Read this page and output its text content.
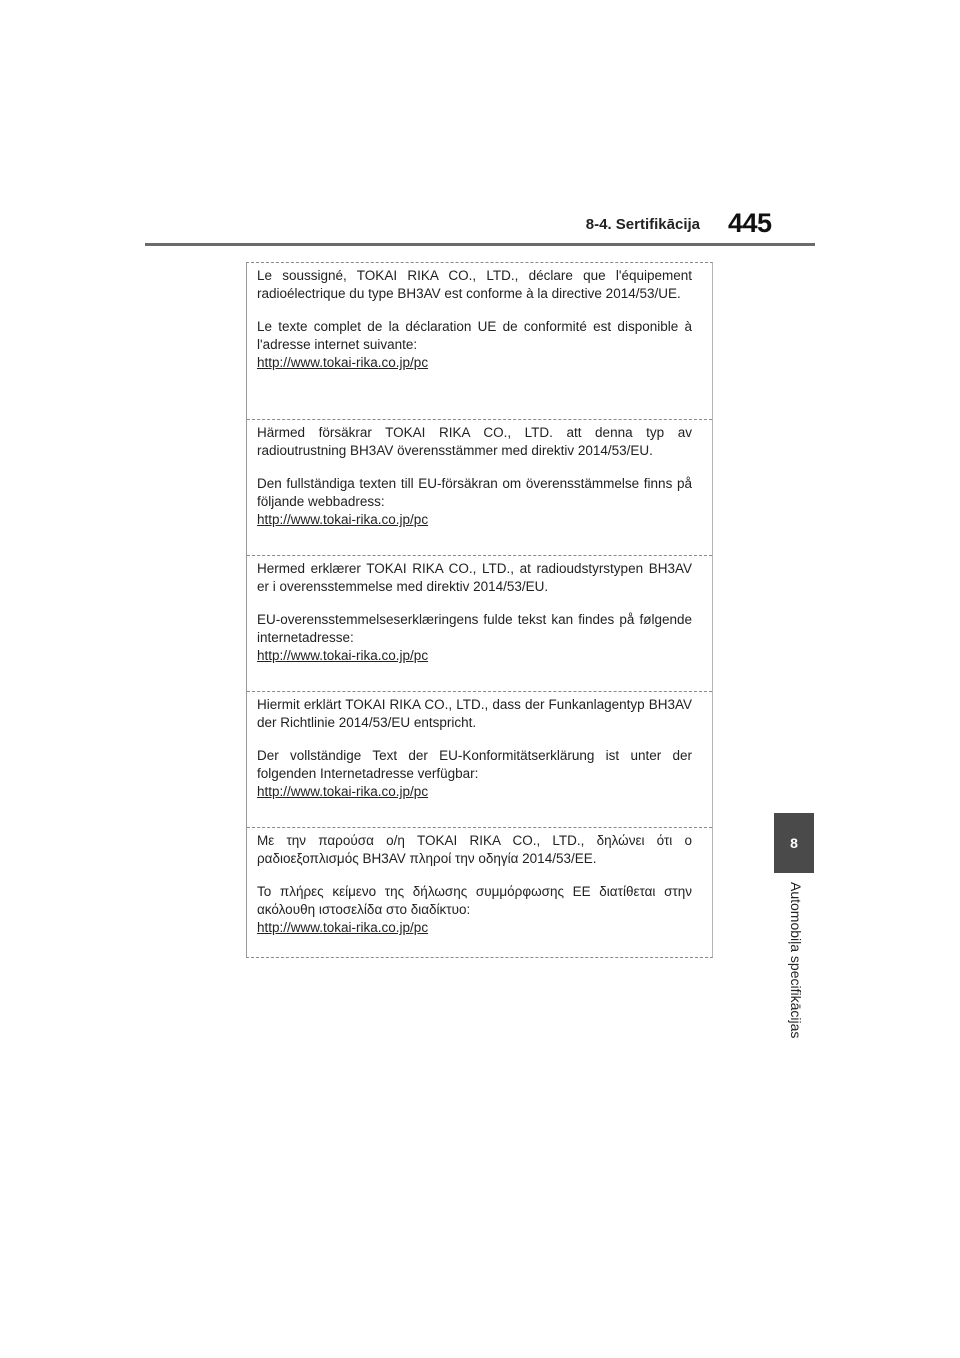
8-4. Sertifikācija 445
8
Automobiļa specifikācijas

Le soussigné, TOKAI RIKA CO., LTD., déclare que l'équipement radioélectrique du type BH3AV est conforme à la directive 2014/53/UE.

Le texte complet de la déclaration UE de conformité est disponible à l'adresse internet suivante:

http://www.tokai-rika.co.jp/pc

Härmed försäkrar TOKAI RIKA CO., LTD. att denna typ av radioutrustning BH3AV överensstämmer med direktiv 2014/53/EU.

Den fullständiga texten till EU-försäkran om överensstämmelse finns på följande webbadress:

http://www.tokai-rika.co.jp/pc

Hermed erklærer TOKAI RIKA CO., LTD., at radioudstyrstypen BH3AV er i overensstemmelse med direktiv 2014/53/EU.

EU-overensstemmelseserklæringens fulde tekst kan findes på følgende internetadresse:

http://www.tokai-rika.co.jp/pc

Hiermit erklärt TOKAI RIKA CO., LTD., dass der Funkanlagentyp BH3AV der Richtlinie 2014/53/EU entspricht.

Der vollständige Text der EU-Konformitätserklärung ist unter der folgenden Internetadresse verfügbar:

http://www.tokai-rika.co.jp/pc

Με την παρούσα ο/η TOKAI RIKA CO., LTD., δηλώνει ότι ο ραδιοεξοπλισμός BH3AV πληροί την οδηγία 2014/53/ΕΕ.

Το πλήρες κείμενο της δήλωσης συμμόρφωσης ΕΕ διατίθεται στην ακόλουθη ιστοσελίδα στο διαδίκτυο:

http://www.tokai-rika.co.jp/pc
